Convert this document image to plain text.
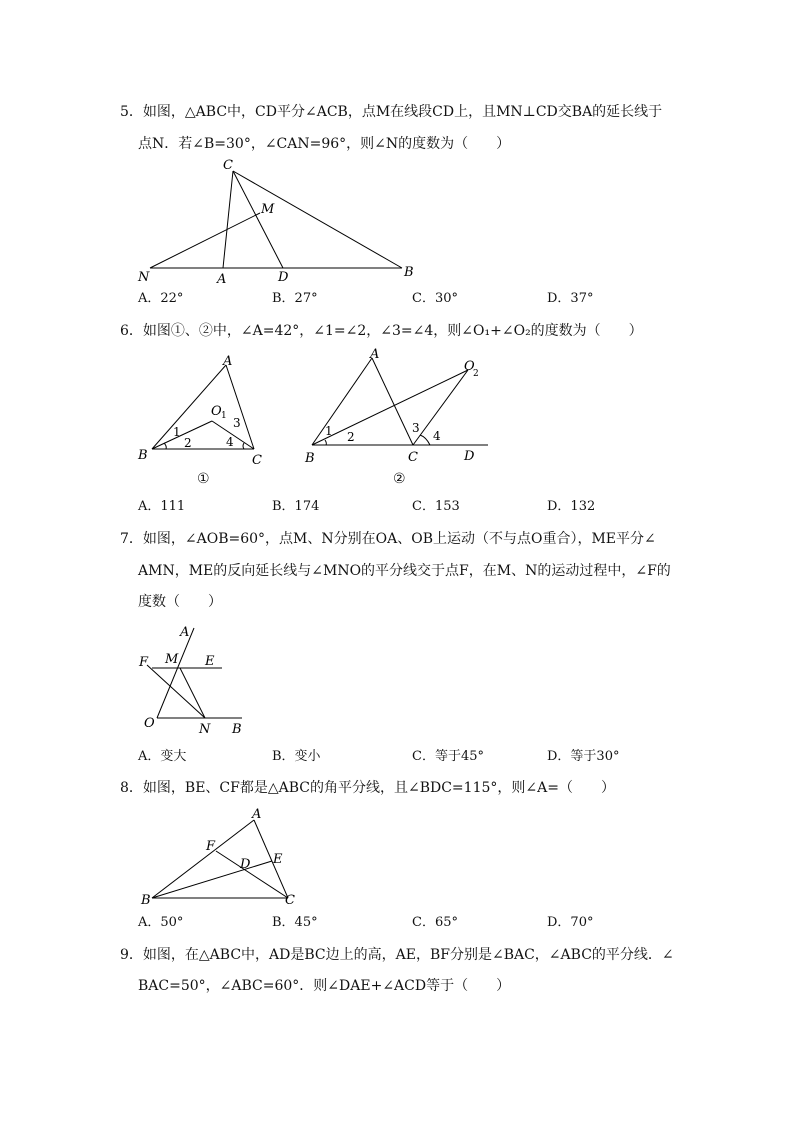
5．如图，△ABC中，CD平分∠ACB，点M在线段CD上，且MN⊥CD交BA的延长线于
点N．若∠B=30°，∠CAN=96°，则∠N的度数为（　　）
C
M
N	A	D	B
A．22°	B．27°	C．30°	D．37°
6．如图①、②中，∠A=42°，∠1=∠2，∠3=∠4，则∠O₁+∠O₂的度数为（　　）
A
B	C
O 1
1
2
3
4
①
A
B	C	D
O
2
1 2
3
4
②
A．111	B．174	C．153	D．132
7．如图，∠AOB=60°，点M、N分别在OA、OB上运动（不与点O重合），ME平分∠
AMN，ME的反向延长线与∠MNO的平分线交于点F，在M、N的运动过程中，∠F的
度数（　　）
A
F M E
O	N B
A．变大	B．变小	C．等于45°	D．等于30°
8．如图，BE、CF都是△ABC的角平分线，且∠BDC=115°，则∠A=（　　）
A
F
E
D
B	C
A．50°	B．45°	C．65°	D．70°
9．如图，在△ABC中，AD是BC边上的高，AE，BF分别是∠BAC，∠ABC的平分线．∠
BAC=50°，∠ABC=60°．则∠DAE+∠ACD等于（　　）
